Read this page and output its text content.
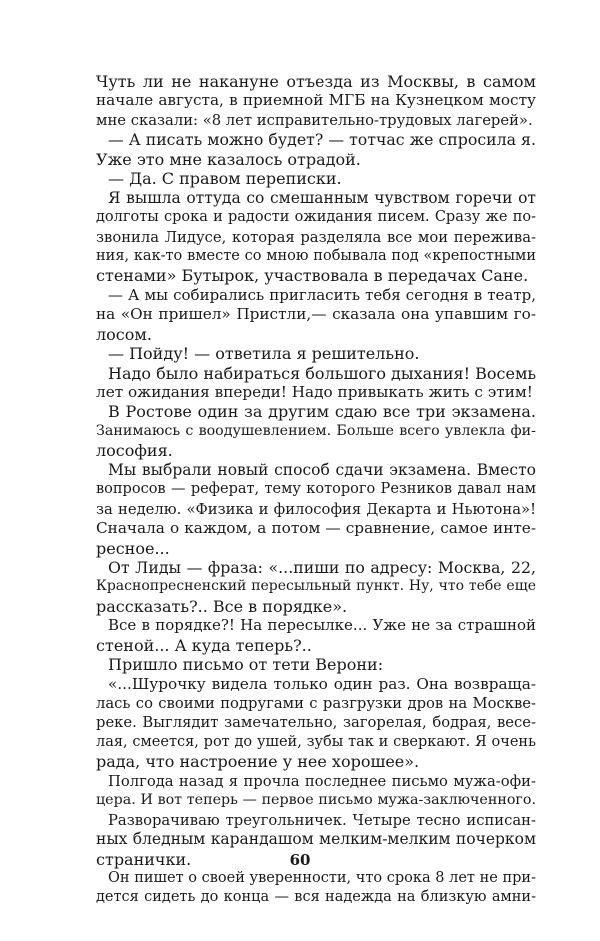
Чуть ли не накануне отъезда из Москвы, в самом
начале августа, в приемной МГБ на Кузнецком мосту
мне сказали: «8 лет исправительно-трудовых лагерей».
— А писать можно будет? — тотчас же спросила я.
Уже это мне казалось отрадой.
— Да. С правом переписки.
Я вышла оттуда со смешанным чувством горечи от
долготы срока и радости ожидания писем. Сразу же по-
звонила Лидусе, которая разделяла все мои пережива-
ния, как-то вместе со мною побывала под «крепостными
стенами» Бутырок, участвовала в передачах Сане.
— А мы собирались пригласить тебя сегодня в театр,
на «Он пришел» Пристли,— сказала она упавшим го-
лосом.
— Пойду! — ответила я решительно.
Надо было набираться большого дыхания! Восемь
лет ожидания впереди! Надо привыкать жить с этим!
В Ростове один за другим сдаю все три экзамена.
Занимаюсь с воодушевлением. Больше всего увлекла фи-
лософия.
Мы выбрали новый способ сдачи экзамена. Вместо
вопросов — реферат, тему которого Резников давал нам
за неделю. «Физика и философия Декарта и Ньютона»!
Сначала о каждом, а потом — сравнение, самое инте-
ресное...
От Лиды — фраза: «...пиши по адресу: Москва, 22,
Краснопресненский пересыльный пункт. Ну, что тебе еще
рассказать?.. Все в порядке».
Все в порядке?! На пересылке... Уже не за страшной
стеной... А куда теперь?..
Пришло письмо от тети Верони:
«...Шурочку видела только один раз. Она возвраща-
лась со своими подругами с разгрузки дров на Москве-
реке. Выглядит замечательно, загорелая, бодрая, весе-
лая, смеется, рот до ушей, зубы так и сверкают. Я очень
рада, что настроение у нее хорошее».
Полгода назад я прочла последнее письмо мужа-офи-
цера. И вот теперь — первое письмо мужа-заключенного.
Разворачиваю треугольничек. Четыре тесно исписан-
ных бледным карандашом мелким-мелким почерком
странички.
Он пишет о своей уверенности, что срока 8 лет не при-
дется сидеть до конца — вся надежда на близкую амни-
60
